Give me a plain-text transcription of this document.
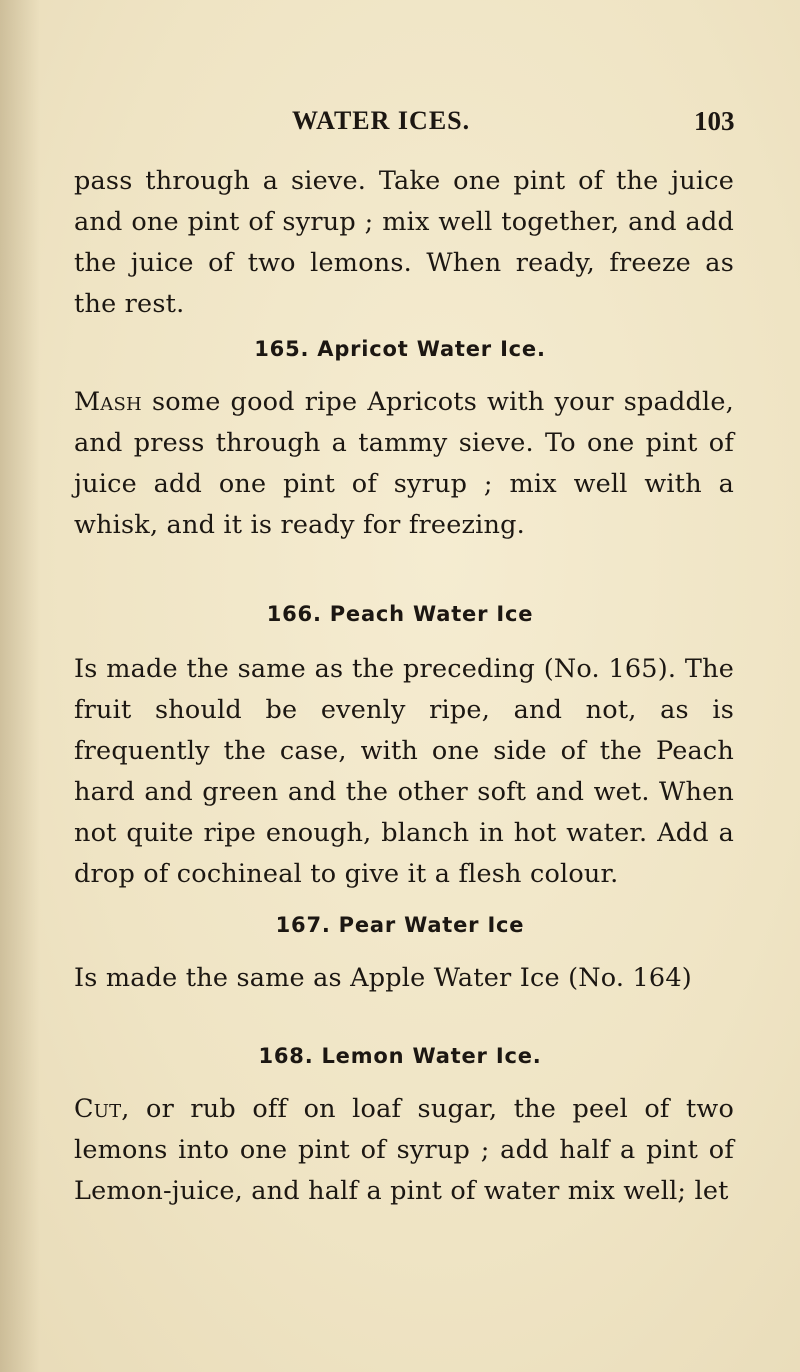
WATER ICES.	103

pass through a sieve. Take one pint of the juice and one pint of syrup ; mix well together, and add the juice of two lemons. When ready, freeze as the rest.

165. Apricot Water Ice.

Mash some good ripe Apricots with your spaddle, and press through a tammy sieve. To one pint of juice add one pint of syrup ; mix well with a whisk, and it is ready for freezing.

166. Peach Water Ice

Is made the same as the preceding (No. 165). The fruit should be evenly ripe, and not, as is frequently the case, with one side of the Peach hard and green and the other soft and wet. When not quite ripe enough, blanch in hot water. Add a drop of cochineal to give it a flesh colour.

167. Pear Water Ice

Is made the same as Apple Water Ice (No. 164)

168. Lemon Water Ice.

Cut, or rub off on loaf sugar, the peel of two lemons into one pint of syrup ; add half a pint of Lemon-juice, and half a pint of water mix well; let
